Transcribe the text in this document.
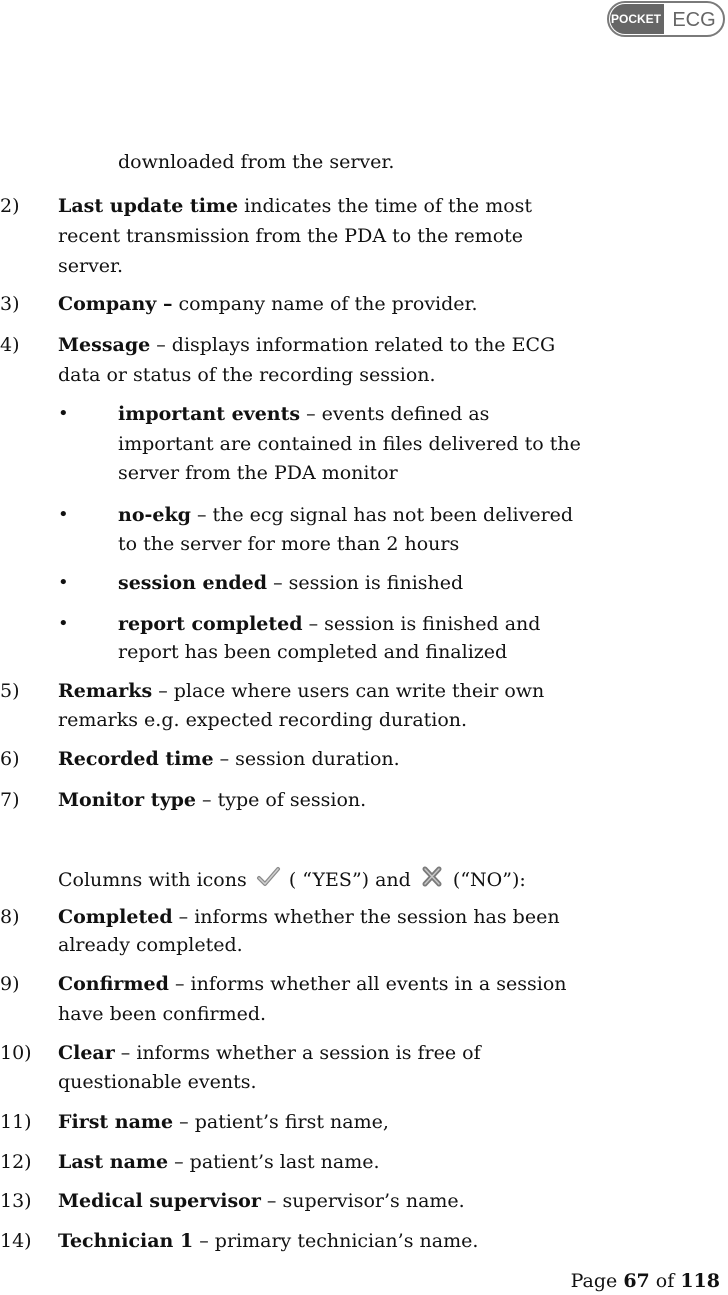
POCKET ECG
downloaded from the server.
2) Last update time indicates the time of the most
recent transmission from the PDA to the remote
server.
3) Company – company name of the provider.
4) Message – displays information related to the ECG
data or status of the recording session.
•	important events – events defined as
important are contained in files delivered to the
server from the PDA monitor
•	no-ekg – the ecg signal has not been delivered
to the server for more than 2 hours
•	session ended – session is finished
•	report completed – session is finished and
report has been completed and finalized
5) Remarks – place where users can write their own
remarks e.g. expected recording duration.
6) Recorded time – session duration.
7) Monitor type – type of session.
Columns with icons  ( “YES”) and  (“NO”):
8) Completed – informs whether the session has been
already completed.
9) Confirmed – informs whether all events in a session
have been confirmed.
10) Clear – informs whether a session is free of
questionable events.
11) First name – patient’s first name,
12) Last name – patient’s last name.
13) Medical supervisor – supervisor’s name.
14) Technician 1 – primary technician’s name.
Page 67 of 118
